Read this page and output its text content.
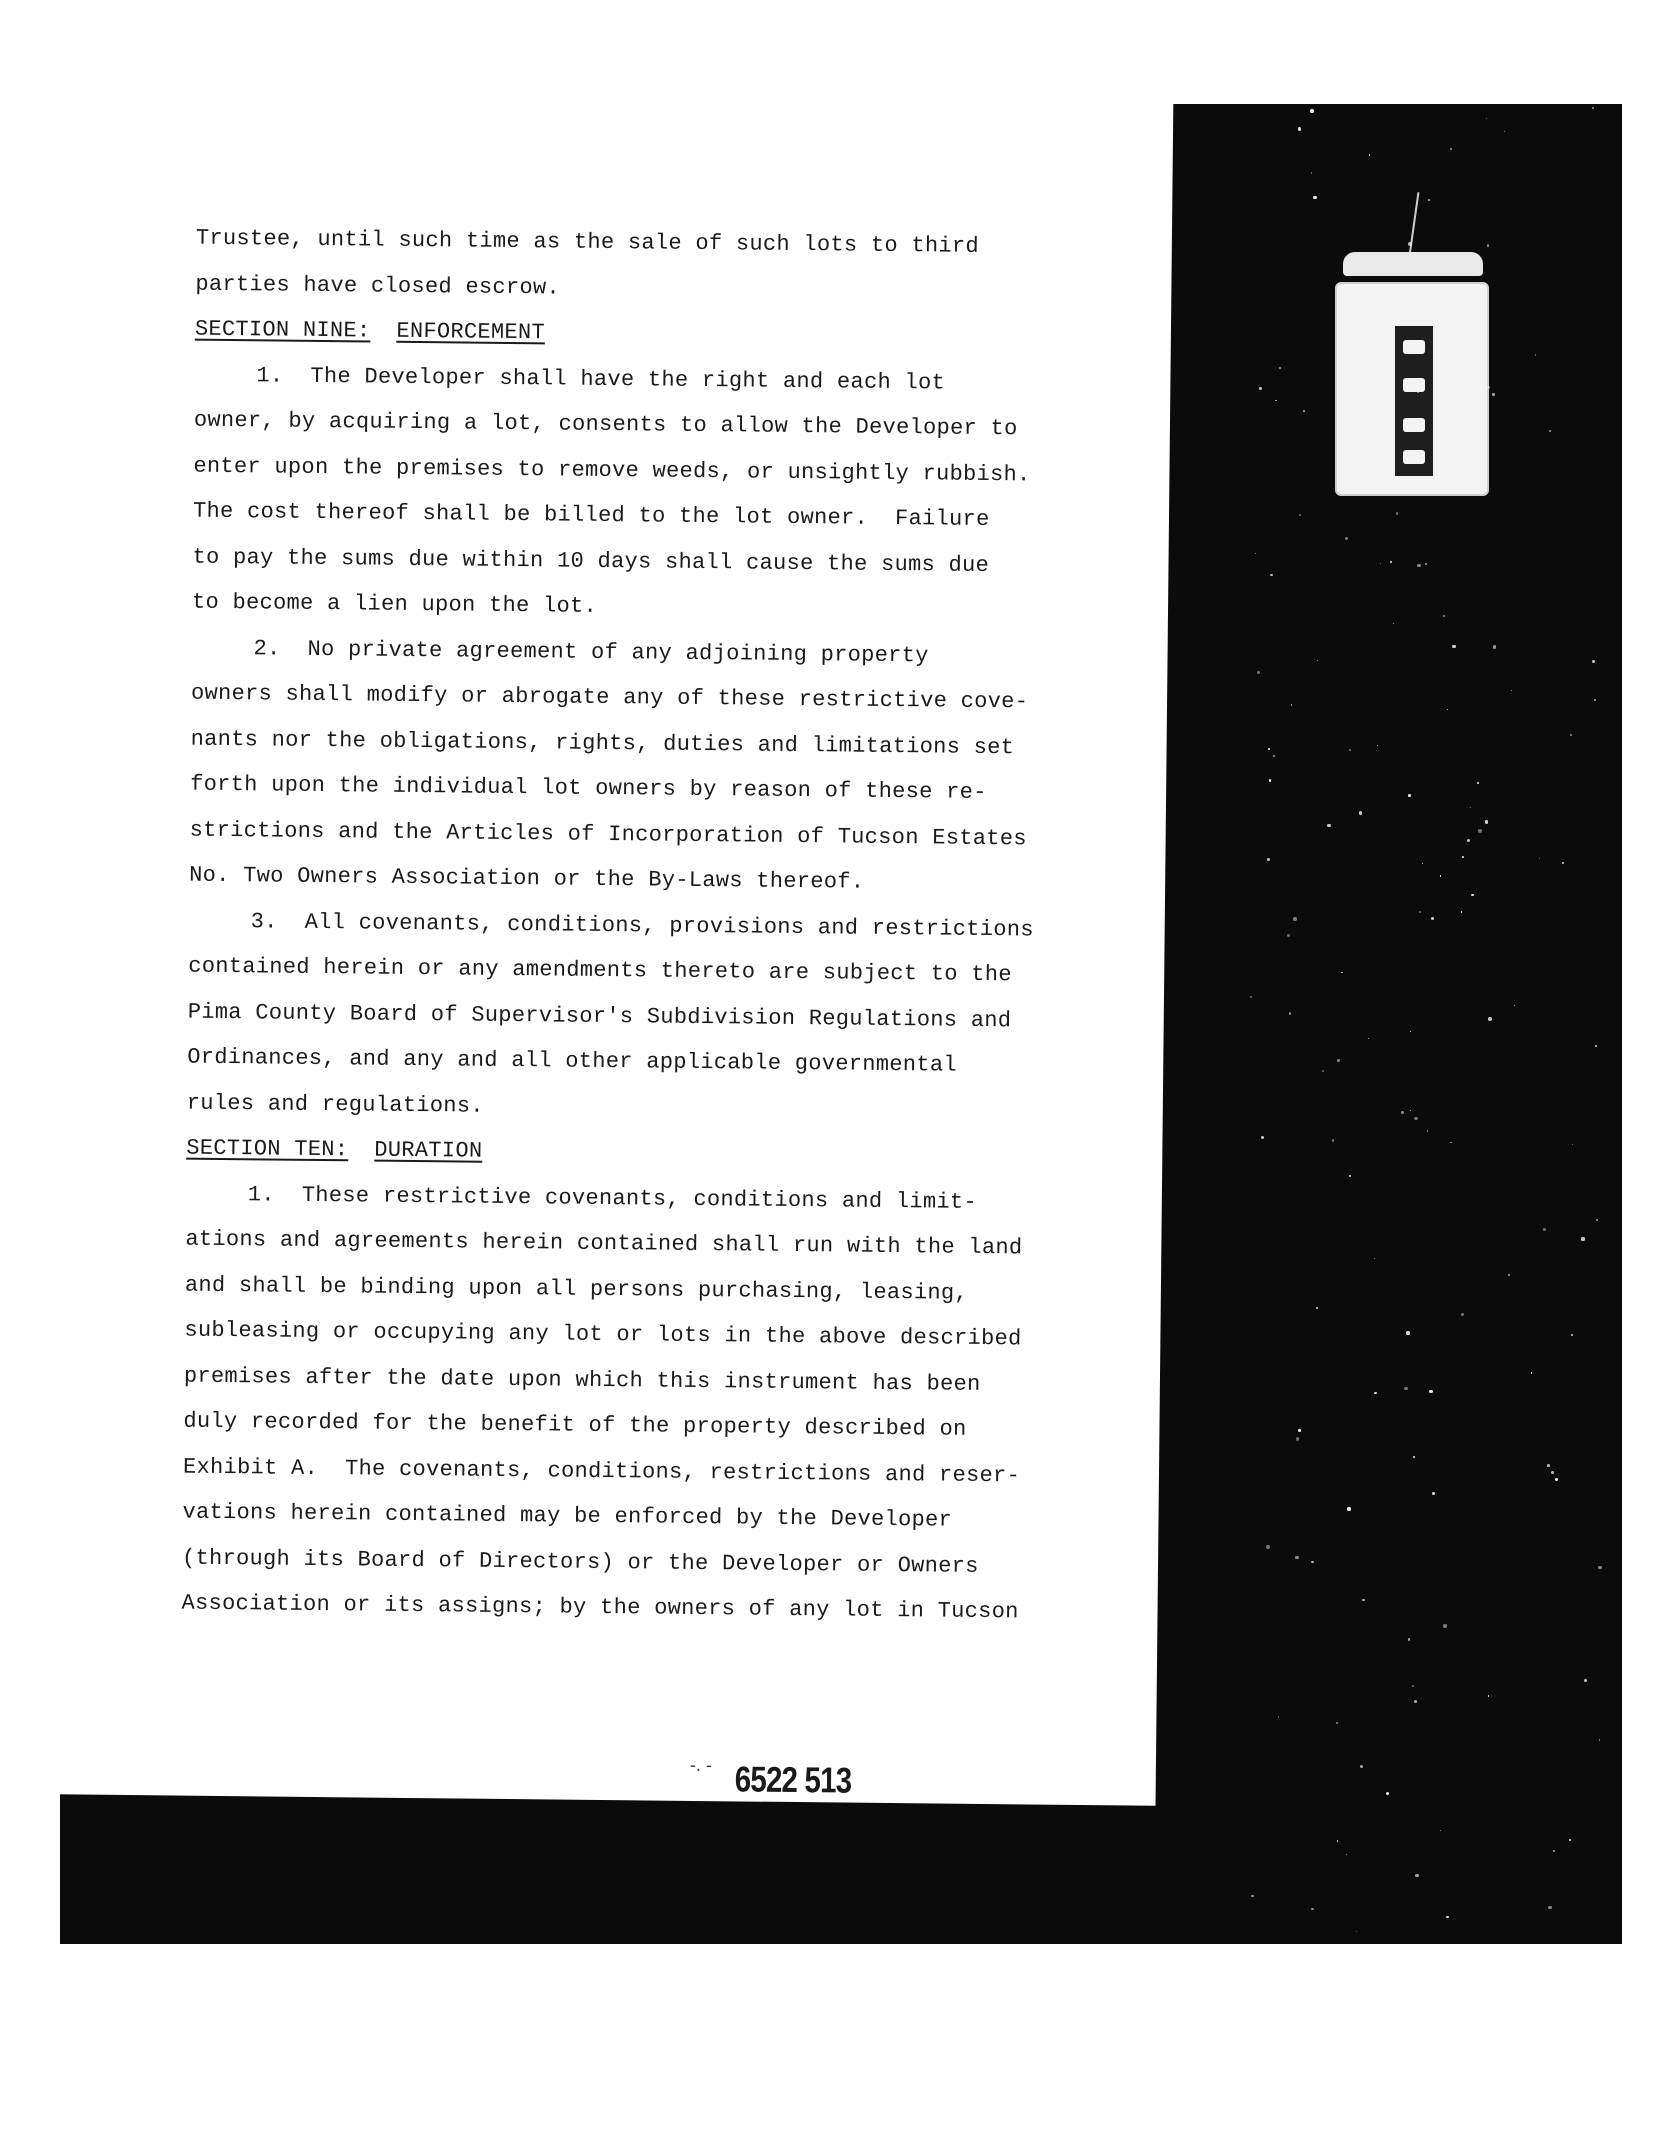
Trustee, until such time as the sale of such lots to third
parties have closed escrow.
SECTION NINE: ENFORCEMENT
1.  The Developer shall have the right and each lot
owner, by acquiring a lot, consents to allow the Developer to
enter upon the premises to remove weeds, or unsightly rubbish.
The cost thereof shall be billed to the lot owner.  Failure
to pay the sums due within 10 days shall cause the sums due
to become a lien upon the lot.
2.  No private agreement of any adjoining property
owners shall modify or abrogate any of these restrictive cove-
nants nor the obligations, rights, duties and limitations set
forth upon the individual lot owners by reason of these re-
strictions and the Articles of Incorporation of Tucson Estates
No. Two Owners Association or the By-Laws thereof.
3.  All covenants, conditions, provisions and restrictions
contained herein or any amendments thereto are subject to the
Pima County Board of Supervisor's Subdivision Regulations and
Ordinances, and any and all other applicable governmental
rules and regulations.
SECTION TEN: DURATION
1.  These restrictive covenants, conditions and limit-
ations and agreements herein contained shall run with the land
and shall be binding upon all persons purchasing, leasing,
subleasing or occupying any lot or lots in the above described
premises after the date upon which this instrument has been
duly recorded for the benefit of the property described on
Exhibit A.  The covenants, conditions, restrictions and reser-
vations herein contained may be enforced by the Developer
(through its Board of Directors) or the Developer or Owners
Association or its assigns; by the owners of any lot in Tucson
-. - 6522 513
